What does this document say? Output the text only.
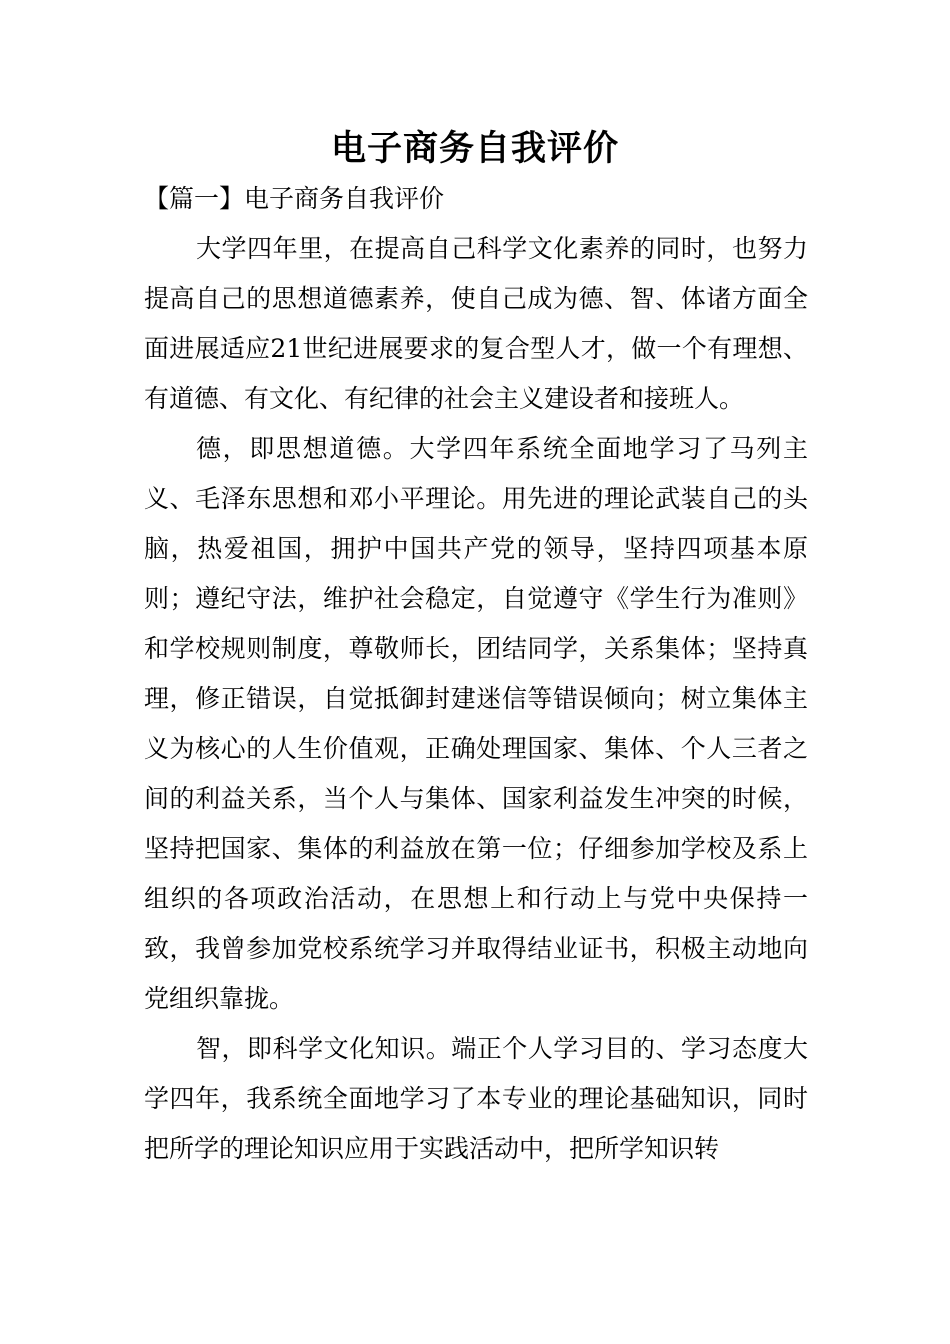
电子商务自我评价
【篇一】电子商务自我评价

大学四年里，在提高自己科学文化素养的同时，也努力提高自己的思想道德素养，使自己成为德、智、体诸方面全面进展适应21世纪进展要求的复合型人才，做一个有理想、有道德、有文化、有纪律的社会主义建设者和接班人。

德，即思想道德。大学四年系统全面地学习了马列主义、毛泽东思想和邓小平理论。用先进的理论武装自己的头脑，热爱祖国，拥护中国共产党的领导，坚持四项基本原则；遵纪守法，维护社会稳定，自觉遵守《学生行为准则》和学校规则制度，尊敬师长，团结同学，关系集体；坚持真理，修正错误，自觉抵御封建迷信等错误倾向；树立集体主义为核心的人生价值观，正确处理国家、集体、个人三者之间的利益关系，当个人与集体、国家利益发生冲突的时候，坚持把国家、集体的利益放在第一位；仔细参加学校及系上组织的各项政治活动，在思想上和行动上与党中央保持一致，我曾参加党校系统学习并取得结业证书，积极主动地向党组织靠拢。

智，即科学文化知识。端正个人学习目的、学习态度大学四年，我系统全面地学习了本专业的理论基础知识，同时把所学的理论知识应用于实践活动中，把所学知识转
